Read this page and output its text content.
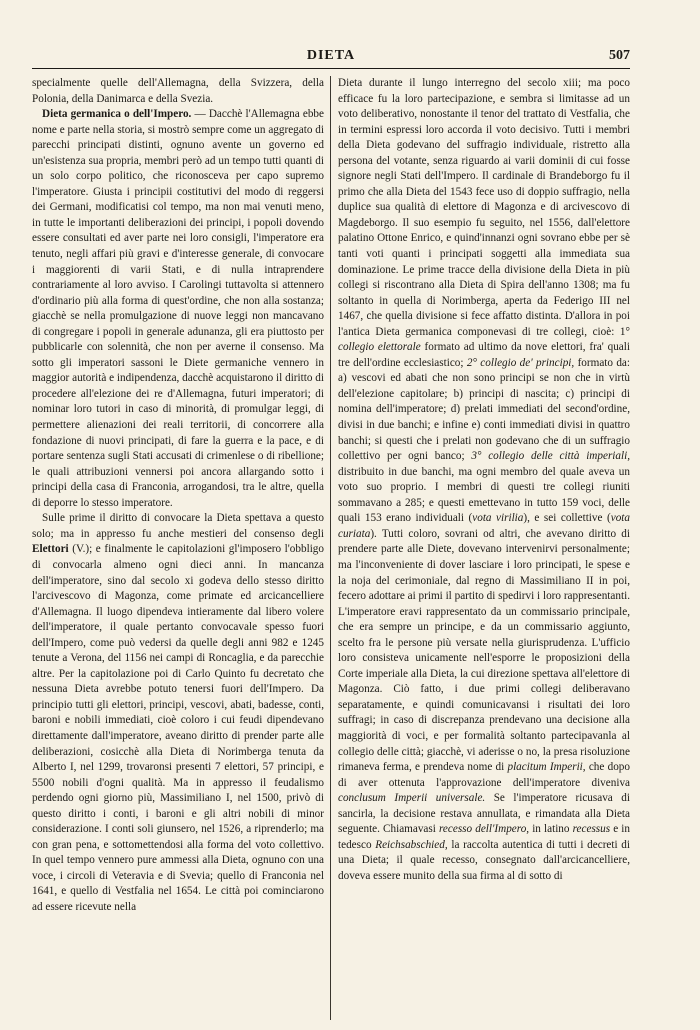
DIETA	507

specialmente quelle dell'Allemagna, della Svizzera, della Polonia, della Danimarca e della Svezia.

Dieta germanica o dell'Impero. — Dacchè l'Allemagna ebbe nome e parte nella storia, si mostrò sempre come un aggregato di parecchi principati distinti, ognuno avente un governo ed un'esistenza sua propria, membri però ad un tempo tutti quanti di un solo corpo politico, che riconosceva per capo supremo l'imperatore. Giusta i principii costitutivi del modo di reggersi dei Germani, modificatisi col tempo, ma non mai venuti meno, in tutte le importanti deliberazioni dei principi, i popoli dovendo essere consultati ed aver parte nei loro consigli, l'imperatore era tenuto, negli affari più gravi e d'interesse generale, di convocare i maggiorenti di varii Stati, e di nulla intraprendere contrariamente al loro avviso. I Carolingi tuttavolta si attennero d'ordinario più alla forma di quest'ordine, che non alla sostanza; giacchè se nella promulgazione di nuove leggi non mancavano di congregare i popoli in generale adunanza, gli era piuttosto per pubblicarle con solennità, che non per averne il consenso. Ma sotto gli imperatori sassoni le Diete germaniche vennero in maggior autorità e indipendenza, dacchè acquistarono il diritto di procedere all'elezione dei re d'Allemagna, futuri imperatori; di nominar loro tutori in caso di minorità, di promulgar leggi, di permettere alienazioni dei reali territorii, di concorrere alla fondazione di nuovi principati, di fare la guerra e la pace, e di portare sentenza sugli Stati accusati di crimenlese o di ribellione; le quali attribuzioni vennersi poi ancora allargando sotto i principi della casa di Franconia, arrogandosi, tra le altre, quella di deporre lo stesso imperatore.

Sulle prime il diritto di convocare la Dieta spettava a questo solo; ma in appresso fu anche mestieri del consenso degli Elettori (V.); e finalmente le capitolazioni gl'imposero l'obbligo di convocarla almeno ogni dieci anni. In mancanza dell'imperatore, sino dal secolo xi godeva dello stesso diritto l'arcivescovo di Magonza, come primate ed arcicancelliere d'Allemagna. Il luogo dipendeva intieramente dal libero volere dell'imperatore, il quale pertanto convocavale spesso fuori dell'Impero, come può vedersi da quelle degli anni 982 e 1245 tenute a Verona, del 1156 nei campi di Roncaglia, e da parecchie altre. Per la capitolazione poi di Carlo Quinto fu decretato che nessuna Dieta avrebbe potuto tenersi fuori dell'Impero. Da principio tutti gli elettori, principi, vescovi, abati, badesse, conti, baroni e nobili immediati, cioè coloro i cui feudi dipendevano direttamente dall'imperatore, aveano diritto di prender parte alle deliberazioni, cosicchè alla Dieta di Norimberga tenuta da Alberto I, nel 1299, trovaronsi presenti 7 elettori, 57 principi, e 5500 nobili d'ogni qualità. Ma in appresso il feudalismo perdendo ogni giorno più, Massimiliano I, nel 1500, privò di questo diritto i conti, i baroni e gli altri nobili di minor considerazione. I conti soli giunsero, nel 1526, a riprenderlo; ma con gran pena, e sottomettendosi alla forma del voto collettivo. In quel tempo vennero pure ammessi alla Dieta, ognuno con una voce, i circoli di Veteravia e di Svevia; quello di Franconia nel 1641, e quello di Vestfalia nel 1654. Le città poi cominciarono ad essere ricevute nella

Dieta durante il lungo interregno del secolo xiii; ma poco efficace fu la loro partecipazione, e sembra si limitasse ad un voto deliberativo, nonostante il tenor del trattato di Vestfalia, che in termini espressi loro accorda il voto decisivo. Tutti i membri della Dieta godevano del suffragio individuale, ristretto alla persona del votante, senza riguardo ai varii dominii di cui fosse signore negli Stati dell'Impero. Il cardinale di Brandeborgo fu il primo che alla Dieta del 1543 fece uso di doppio suffragio, nella duplice sua qualità di elettore di Magonza e di arcivescovo di Magdeborgo. Il suo esempio fu seguito, nel 1556, dall'elettore palatino Ottone Enrico, e quind'innanzi ogni sovrano ebbe per sè tanti voti quanti i principati soggetti alla immediata sua dominazione. Le prime tracce della divisione della Dieta in più collegi si riscontrano alla Dieta di Spira dell'anno 1308; ma fu soltanto in quella di Norimberga, aperta da Federigo III nel 1467, che quella divisione si fece affatto distinta. D'allora in poi l'antica Dieta germanica componevasi di tre collegi, cioè: 1° collegio elettorale formato ad ultimo da nove elettori, fra' quali tre dell'ordine ecclesiastico; 2° collegio de' principi, formato da: a) vescovi ed abati che non sono principi se non che in virtù dell'elezione capitolare; b) principi di nascita; c) principi di nomina dell'imperatore; d) prelati immediati del second'ordine, divisi in due banchi; e infine e) conti immediati divisi in quattro banchi; si questi che i prelati non godevano che di un suffragio collettivo per ogni banco; 3° collegio delle città imperiali, distribuito in due banchi, ma ogni membro del quale aveva un voto suo proprio. I membri di questi tre collegi riuniti sommavano a 285; e questi emettevano in tutto 159 voci, delle quali 153 erano individuali (vota virilia), e sei collettive (vota curiata). Tutti coloro, sovrani od altri, che avevano diritto di prendere parte alle Diete, dovevano intervenirvi personalmente; ma l'inconveniente di dover lasciare i loro principati, le spese e la noja del cerimoniale, dal regno di Massimiliano II in poi, fecero adottare ai primi il partito di spedirvi i loro rappresentanti. L'imperatore eravi rappresentato da un commissario principale, che era sempre un principe, e da un commissario aggiunto, scelto fra le persone più versate nella giurisprudenza. L'ufficio loro consisteva unicamente nell'esporre le proposizioni della Corte imperiale alla Dieta, la cui direzione spettava all'elettore di Magonza. Ciò fatto, i due primi collegi deliberavano separatamente, e quindi comunicavansi i risultati dei loro suffragi; in caso di discrepanza prendevano una decisione alla maggiorità di voci, e per formalità soltanto partecipavanla al collegio delle città; giacchè, vi aderisse o no, la presa risoluzione rimaneva ferma, e prendeva nome di placitum Imperii, che dopo di aver ottenuta l'approvazione dell'imperatore diveniva conclusum Imperii universale. Se l'imperatore ricusava di sancirla, la decisione restava annullata, e rimandata alla Dieta seguente. Chiamavasi recesso dell'Impero, in latino recessus e in tedesco Reichsabschied, la raccolta autentica di tutti i decreti di una Dieta; il quale recesso, consegnato dall'arcicancelliere, doveva essere munito della sua firma al di sotto di
